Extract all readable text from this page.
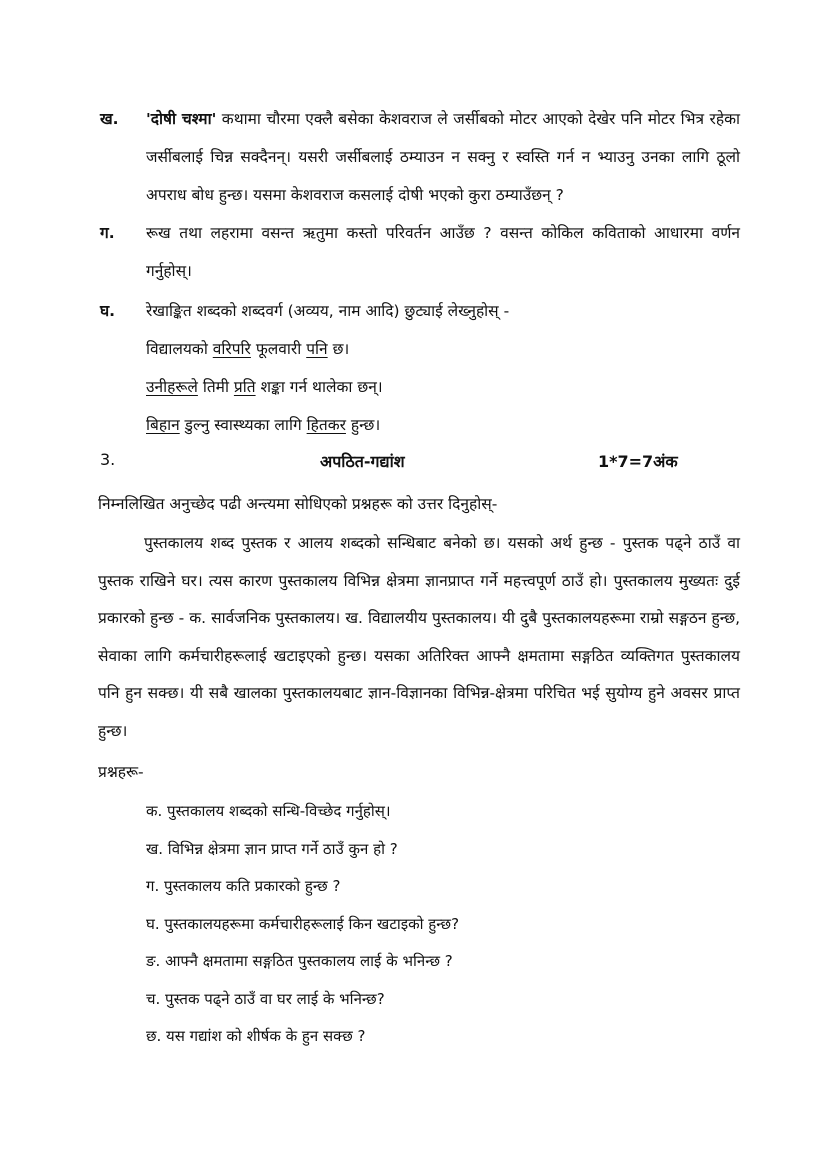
ख.	'दोषी चश्मा' कथामा चौरमा एक्लै बसेका केशवराज ले जर्सीबको मोटर आएको देखेर पनि मोटर भित्र रहेका जर्सीबलाई चिन्न सक्दैनन्। यसरी जर्सीबलाई ठम्याउन न सक्नु र स्वस्ति गर्न न भ्याउनु उनका लागि ठूलो अपराध बोध हुन्छ। यसमा केशवराज कसलाई दोषी भएको कुरा ठम्याउँछन् ?
ग.	रूख तथा लहरामा वसन्त ऋतुमा कस्तो परिवर्तन आउँछ ? वसन्त कोकिल कविताको आधारमा वर्णन गर्नुहोस्।
घ.	रेखाङ्कित शब्दको शब्दवर्ग (अव्यय, नाम आदि) छुट्याई लेख्नुहोस् -
विद्यालयको वरिपरि फूलवारी पनि छ।
उनीहरूले तिमी प्रति शङ्का गर्न थालेका छन्।
बिहान डुल्नु स्वास्थ्यका लागि हितकर हुन्छ।
3.	अपठित-गद्यांश	1*7=7अंक
निम्नलिखित अनुच्छेद पढी अन्त्यमा सोधिएको प्रश्नहरू को उत्तर दिनुहोस्-
पुस्तकालय शब्द पुस्तक र आलय शब्दको सन्धिबाट बनेको छ। यसको अर्थ हुन्छ - पुस्तक पढ्ने ठाउँ वा पुस्तक राखिने घर। त्यस कारण पुस्तकालय विभिन्न क्षेत्रमा ज्ञानप्राप्त गर्ने महत्त्वपूर्ण ठाउँ हो। पुस्तकालय मुख्यतः दुई प्रकारको हुन्छ - क. सार्वजनिक पुस्तकालय। ख. विद्यालयीय पुस्तकालय। यी दुबै पुस्तकालयहरूमा राम्रो सङ्गठन हुन्छ, सेवाका लागि कर्मचारीहरूलाई खटाइएको हुन्छ। यसका अतिरिक्त आफ्नै क्षमतामा सङ्गठित व्यक्तिगत पुस्तकालय पनि हुन सक्छ। यी सबै खालका पुस्तकालयबाट ज्ञान-विज्ञानका विभिन्न-क्षेत्रमा परिचित भई सुयोग्य हुने अवसर प्राप्त हुन्छ।
प्रश्नहरू-
क. पुस्तकालय शब्दको सन्धि-विच्छेद गर्नुहोस्।
ख. विभिन्न क्षेत्रमा ज्ञान प्राप्त गर्ने ठाउँ कुन हो ?
ग. पुस्तकालय कति प्रकारको हुन्छ ?
घ. पुस्तकालयहरूमा कर्मचारीहरूलाई किन खटाइको हुन्छ?
ङ. आफ्नै क्षमतामा सङ्गठित पुस्तकालय लाई के भनिन्छ ?
च. पुस्तक पढ्ने ठाउँ वा घर लाई के भनिन्छ?
छ. यस गद्यांश को शीर्षक के हुन सक्छ ?
